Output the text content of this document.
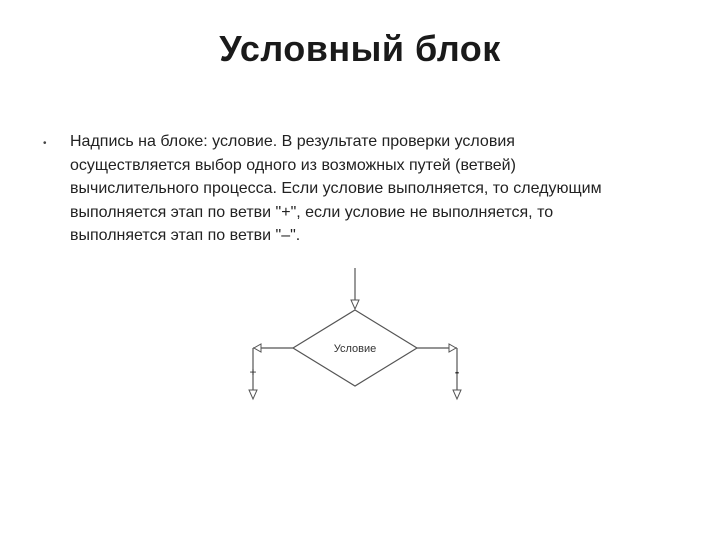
Условный блок
• Надпись на блоке: условие. В результате проверки условия
осуществляется выбор одного из возможных путей (ветвей)
вычислительного процесса. Если условие выполняется, то следующим
выполняется этап по ветви "+", если условие не выполняется, то
выполняется этап по ветви "–".
Условие
+	-
